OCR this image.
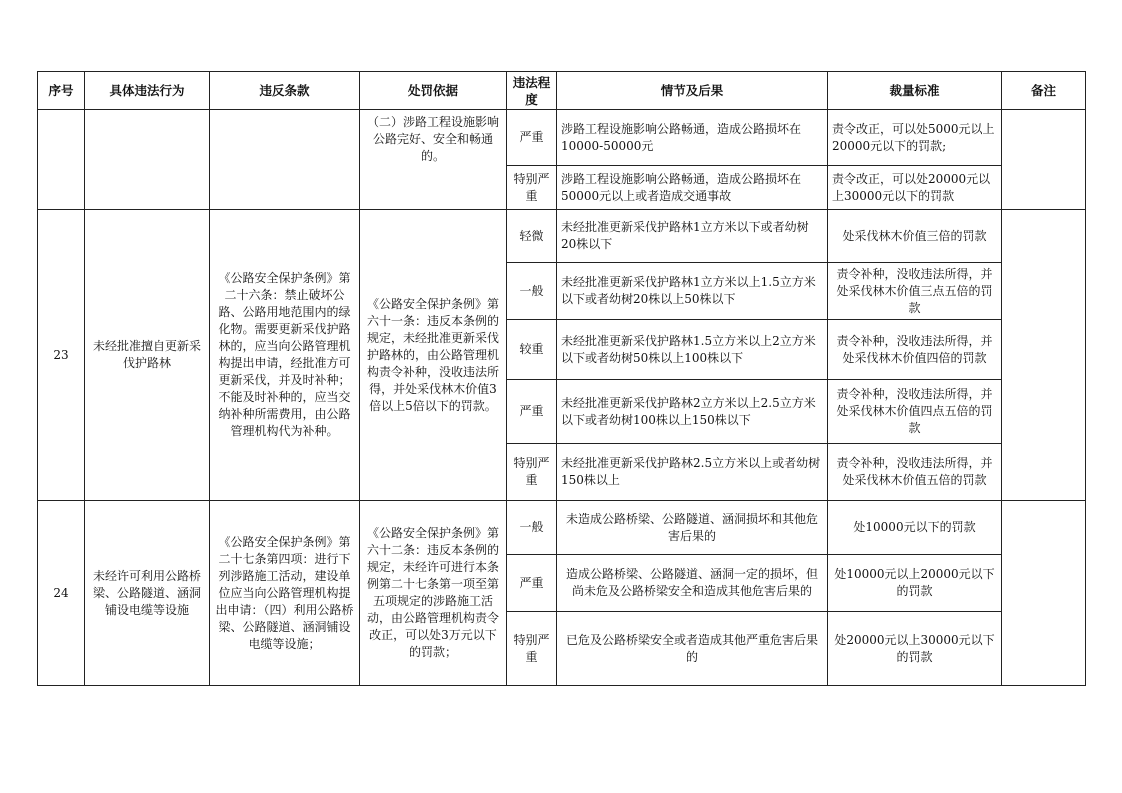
序号	具体违法行为	违反条款	处罚依据	违法程度	情节及后果	裁量标准	备注
			（二）涉路工程设施影响公路完好、安全和畅通的。	严重	涉路工程设施影响公路畅通，造成公路损坏在10000-50000元	责令改正，可以处5000元以上20000元以下的罚款;	
				特别严重	涉路工程设施影响公路畅通，造成公路损坏在50000元以上或者造成交通事故	责令改正，可以处20000元以上30000元以下的罚款	
23	未经批准擅自更新采伐护路林	《公路安全保护条例》第二十六条：禁止破坏公路、公路用地范围内的绿化物。需要更新采伐护路林的，应当向公路管理机构提出申请，经批准方可更新采伐，并及时补种；不能及时补种的，应当交纳补种所需费用，由公路管理机构代为补种。	《公路安全保护条例》第六十一条：违反本条例的规定，未经批准更新采伐护路林的，由公路管理机构责令补种，没收违法所得，并处采伐林木价值3倍以上5倍以下的罚款。	轻微	未经批准更新采伐护路林1立方米以下或者幼树20株以下	处采伐林木价值三倍的罚款	
				一般	未经批准更新采伐护路林1立方米以上1.5立方米以下或者幼树20株以上50株以下	责令补种，没收违法所得，并处采伐林木价值三点五倍的罚款	
				较重	未经批准更新采伐护路林1.5立方米以上2立方米以下或者幼树50株以上100株以下	责令补种，没收违法所得，并处采伐林木价值四倍的罚款	
				严重	未经批准更新采伐护路林2立方米以上2.5立方米以下或者幼树100株以上150株以下	责令补种，没收违法所得，并处采伐林木价值四点五倍的罚款	
				特别严重	未经批准更新采伐护路林2.5立方米以上或者幼树150株以上	责令补种，没收违法所得，并处采伐林木价值五倍的罚款	
24	未经许可利用公路桥梁、公路隧道、涵洞铺设电缆等设施	《公路安全保护条例》第二十七条第四项：进行下列涉路施工活动，建设单位应当向公路管理机构提出申请：（四）利用公路桥梁、公路隧道、涵洞铺设电缆等设施；	《公路安全保护条例》第六十二条：违反本条例的规定，未经许可进行本条例第二十七条第一项至第五项规定的涉路施工活动，由公路管理机构责令改正，可以处3万元以下的罚款；	一般	未造成公路桥梁、公路隧道、涵洞损坏和其他危害后果的	处10000元以下的罚款	
				严重	造成公路桥梁、公路隧道、涵洞一定的损坏，但尚未危及公路桥梁安全和造成其他危害后果的	处10000元以上20000元以下的罚款	
				特别严重	已危及公路桥梁安全或者造成其他严重危害后果的	处20000元以上30000元以下的罚款	
